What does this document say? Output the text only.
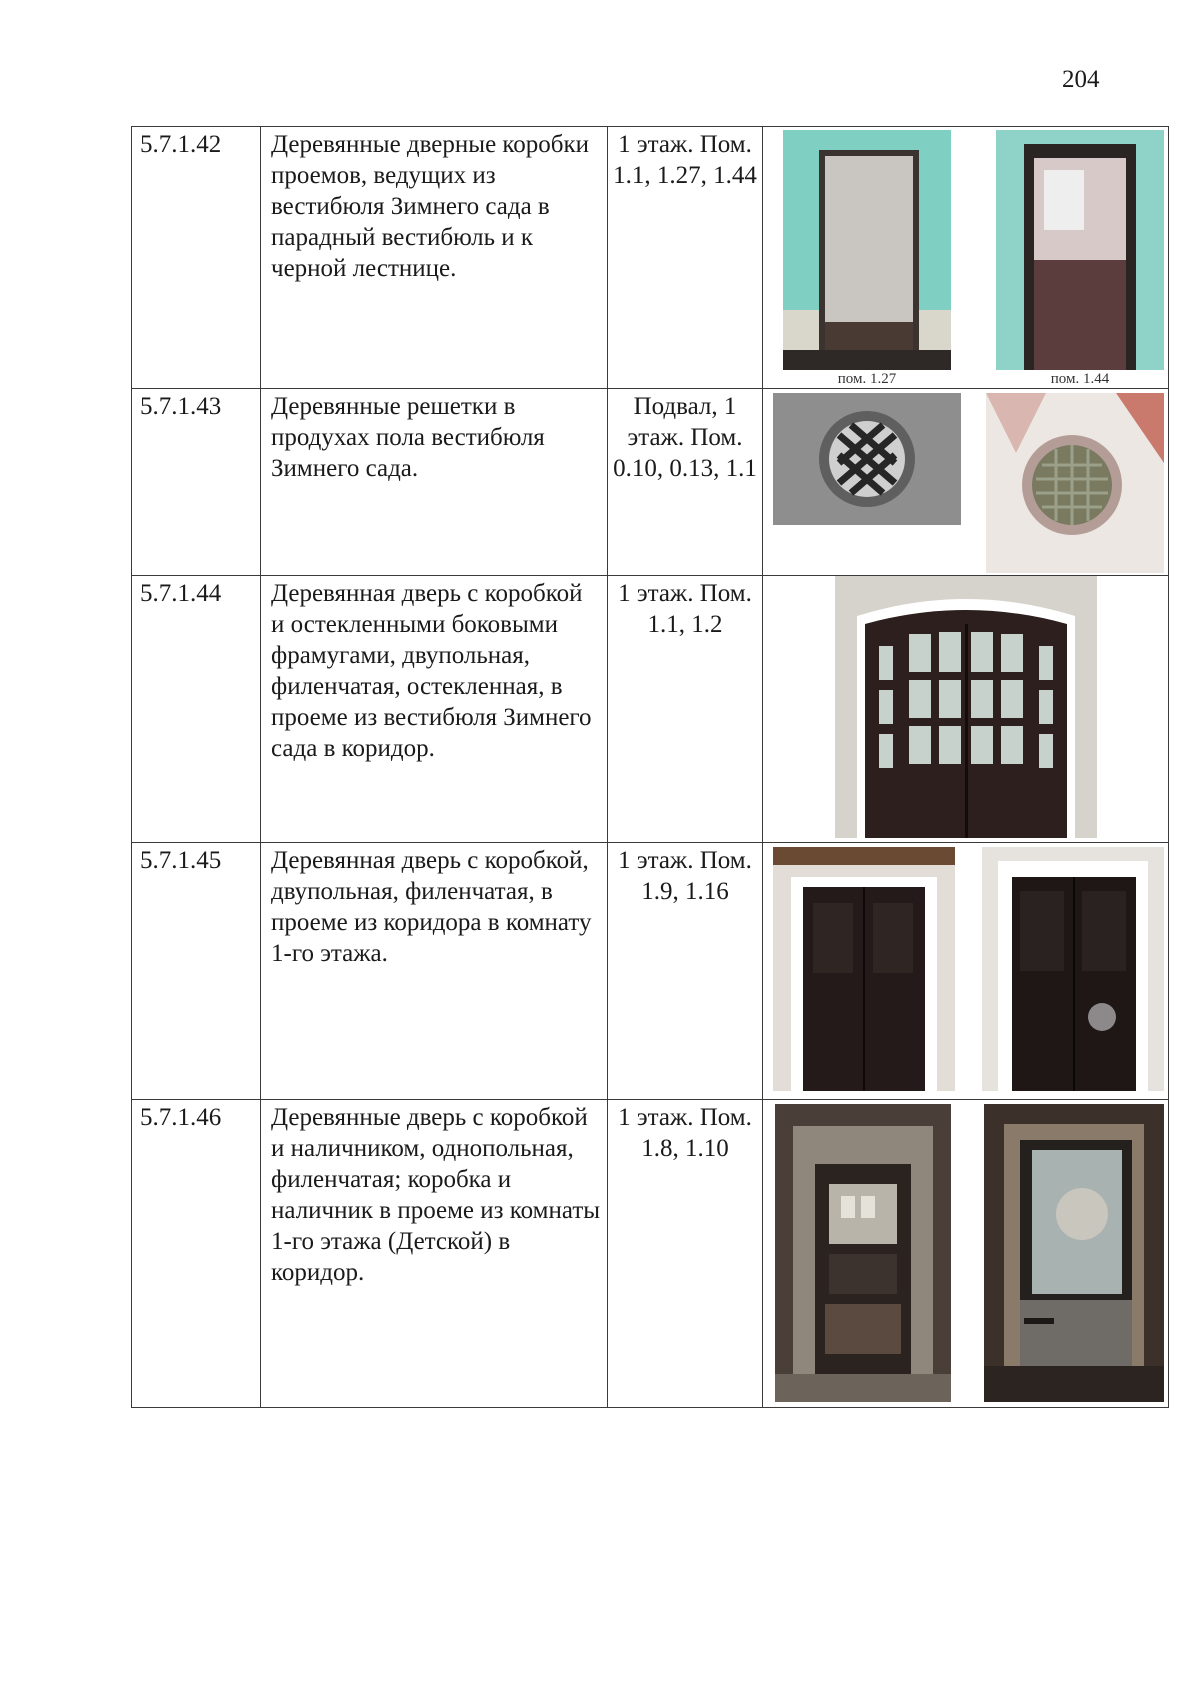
204
5.7.1.42	Деревянные дверные коробки проемов, ведущих из вестибюля Зимнего сада в парадный вестибюль и к черной лестнице.	1 этаж. Пом. 1.1, 1.27, 1.44	пом. 1.27 пом. 1.44

5.7.1.43	Деревянные решетки в продухах пола вестибюля Зимнего сада.	Подвал, 1 этаж. Пом. 0.10, 0.13, 1.1	

5.7.1.44	Деревянная дверь с коробкой и остекленными боковыми фрамугами, двупольная, филенчатая, остекленная, в проеме из вестибюля Зимнего сада в коридор.	1 этаж. Пом. 1.1, 1.2	

5.7.1.45	Деревянная дверь с коробкой, двупольная, филенчатая, в проеме из коридора в комнату 1-го этажа.	1 этаж. Пом. 1.9, 1.16	

5.7.1.46	Деревянные дверь с коробкой и наличником, однопольная, филенчатая; коробка и наличник в проеме из комнаты 1-го этажа (Детской) в коридор.	1 этаж. Пом. 1.8, 1.10	
